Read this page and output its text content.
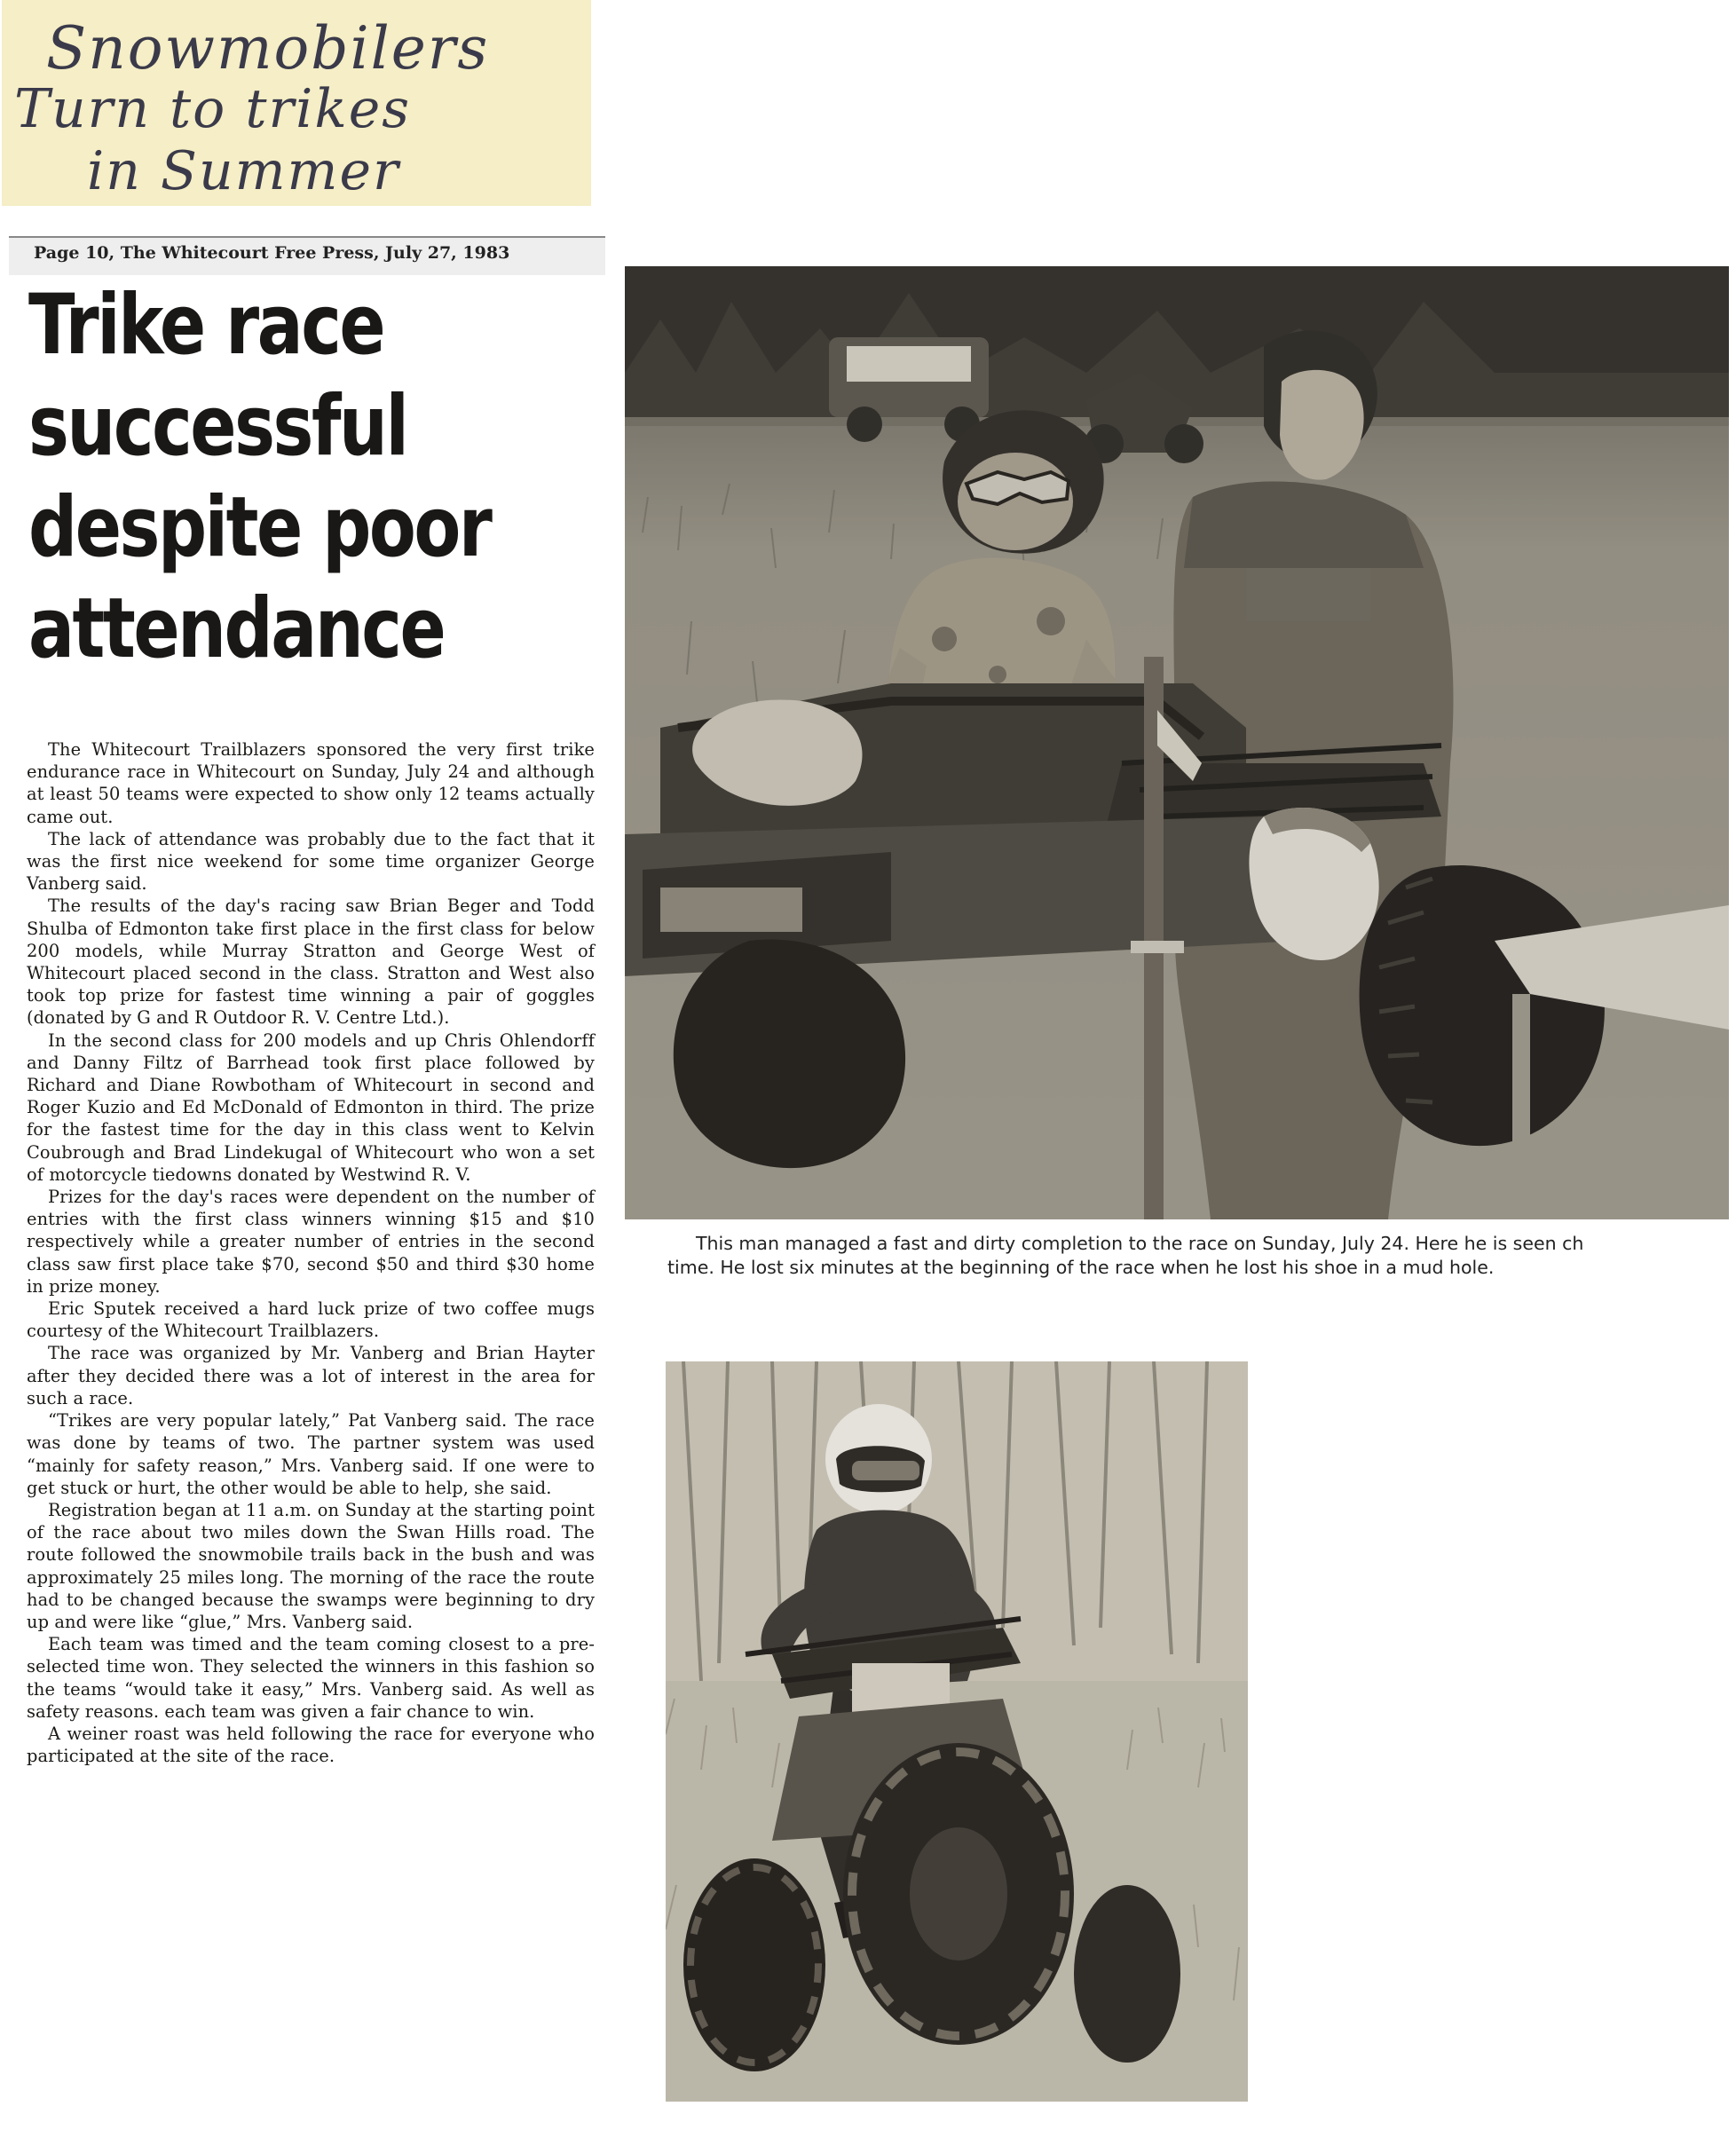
Snowmobilers
Turn to trikes
in Summer
Page 10, The Whitecourt Free Press, July 27, 1983
Trike race
successful
despite poor
attendance

The Whitecourt Trailblazers sponsored the very first trike endurance race in Whitecourt on Sunday, July 24 and although at least 50 teams were expected to show only 12 teams actually came out.

The lack of attendance was probably due to the fact that it was the first nice weekend for some time organizer George Vanberg said.

The results of the day's racing saw Brian Beger and Todd Shulba of Edmonton take first place in the first class for below 200 models, while Murray Stratton and George West of Whitecourt placed second in the class. Stratton and West also took top prize for fastest time winning a pair of goggles (donated by G and R Outdoor R. V. Centre Ltd.).

In the second class for 200 models and up Chris Ohlendorff and Danny Filtz of Barrhead took first place followed by Richard and Diane Rowbotham of Whitecourt in second and Roger Kuzio and Ed McDonald of Edmonton in third. The prize for the fastest time for the day in this class went to Kelvin Coubrough and Brad Lindekugal of Whitecourt who won a set of motorcycle tiedowns donated by Westwind R. V.

Prizes for the day's races were dependent on the number of entries with the first class winners winning $15 and $10 respectively while a greater number of entries in the second class saw first place take $70, second $50 and third $30 home in prize money.

Eric Sputek received a hard luck prize of two coffee mugs courtesy of the Whitecourt Trailblazers.

The race was organized by Mr. Vanberg and Brian Hayter after they decided there was a lot of interest in the area for such a race.

“Trikes are very popular lately,” Pat Vanberg said. The race was done by teams of two. The partner system was used “mainly for safety reason,” Mrs. Vanberg said. If one were to get stuck or hurt, the other would be able to help, she said.

Registration began at 11 a.m. on Sunday at the starting point of the race about two miles down the Swan Hills road. The route followed the snowmobile trails back in the bush and was approximately 25 miles long. The morning of the race the route had to be changed because the swamps were beginning to dry up and were like “glue,” Mrs. Vanberg said.

Each team was timed and the team coming closest to a pre-selected time won. They selected the winners in this fashion so the teams “would take it easy,” Mrs. Vanberg said. As well as safety reasons. each team was given a fair chance to win.

A weiner roast was held following the race for everyone who participated at the site of the race.

This man managed a fast and dirty completion to the race on Sunday, July 24. Here he is seen ch
time. He lost six minutes at the beginning of the race when he lost his shoe in a mud hole.
